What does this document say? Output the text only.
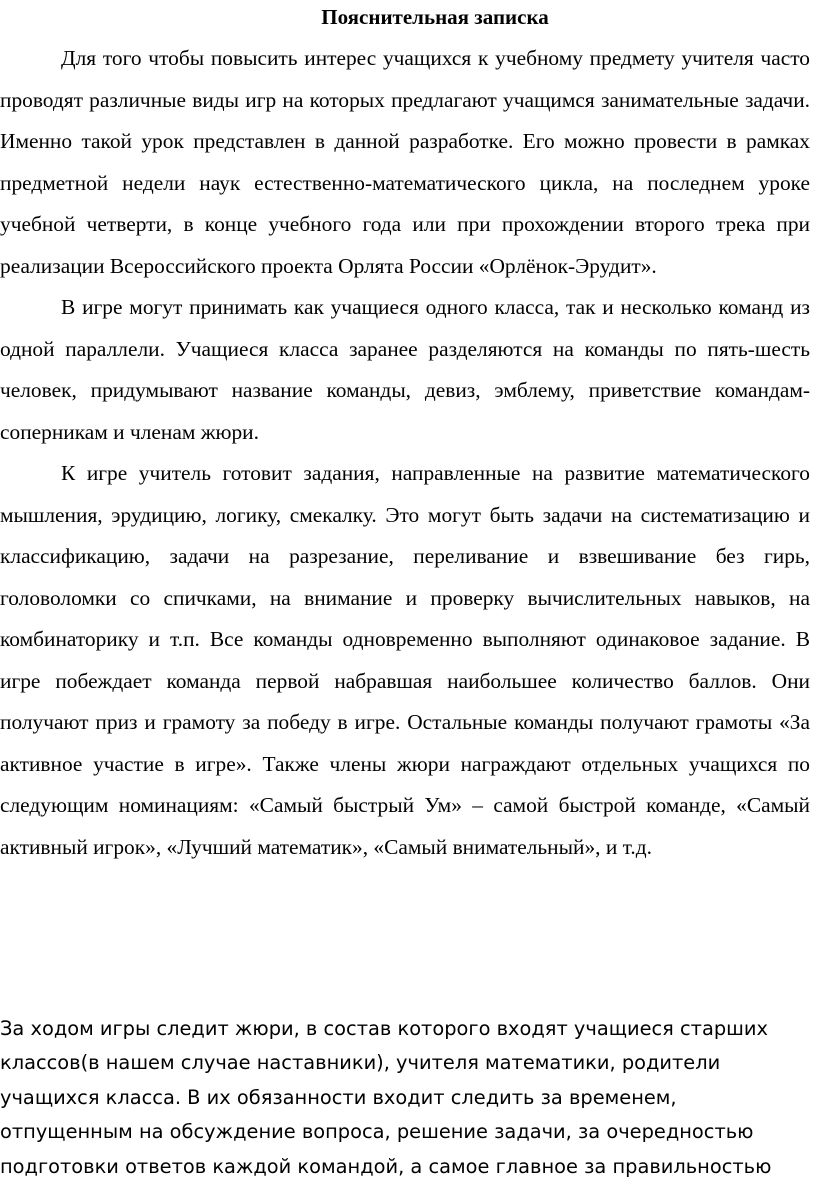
Пояснительная записка

Для того чтобы повысить интерес учащихся к учебному предмету учителя часто проводят различные виды игр на которых предлагают учащимся занимательные задачи. Именно такой урок представлен в данной разработке. Его можно провести в рамках предметной недели наук естественно-математического цикла, на последнем уроке учебной четверти, в конце учебного года или при прохождении второго трека при реализации Всероссийского проекта Орлята России «Орлёнок-Эрудит».

В игре могут принимать как учащиеся одного класса, так и несколько команд из одной параллели. Учащиеся класса заранее разделяются на команды по пять-шесть человек, придумывают название команды, девиз, эмблему, приветствие командам- соперникам и членам жюри.

К игре учитель готовит задания, направленные на развитие математического мышления, эрудицию, логику, смекалку. Это могут быть задачи на систематизацию и классификацию, задачи на разрезание, переливание и взвешивание без гирь, головоломки со спичками, на внимание и проверку вычислительных навыков, на комбинаторику и т.п. Все команды одновременно выполняют одинаковое задание. В игре побеждает команда первой набравшая наибольшее количество баллов. Они получают приз и грамоту за победу в игре. Остальные команды получают грамоты «За активное участие в игре». Также члены жюри награждают отдельных учащихся по следующим номинациям: «Самый быстрый Ум» – самой быстрой команде, «Самый активный игрок», «Лучший математик», «Самый внимательный», и т.д.

За ходом игры следит жюри, в состав которого входят учащиеся старших классов(в нашем случае наставники), учителя математики, родители учащихся класса. В их обязанности входит следить за временем, отпущенным на обсуждение вопроса, решение задачи, за очередностью подготовки ответов каждой командой, а самое главное за правильностью
